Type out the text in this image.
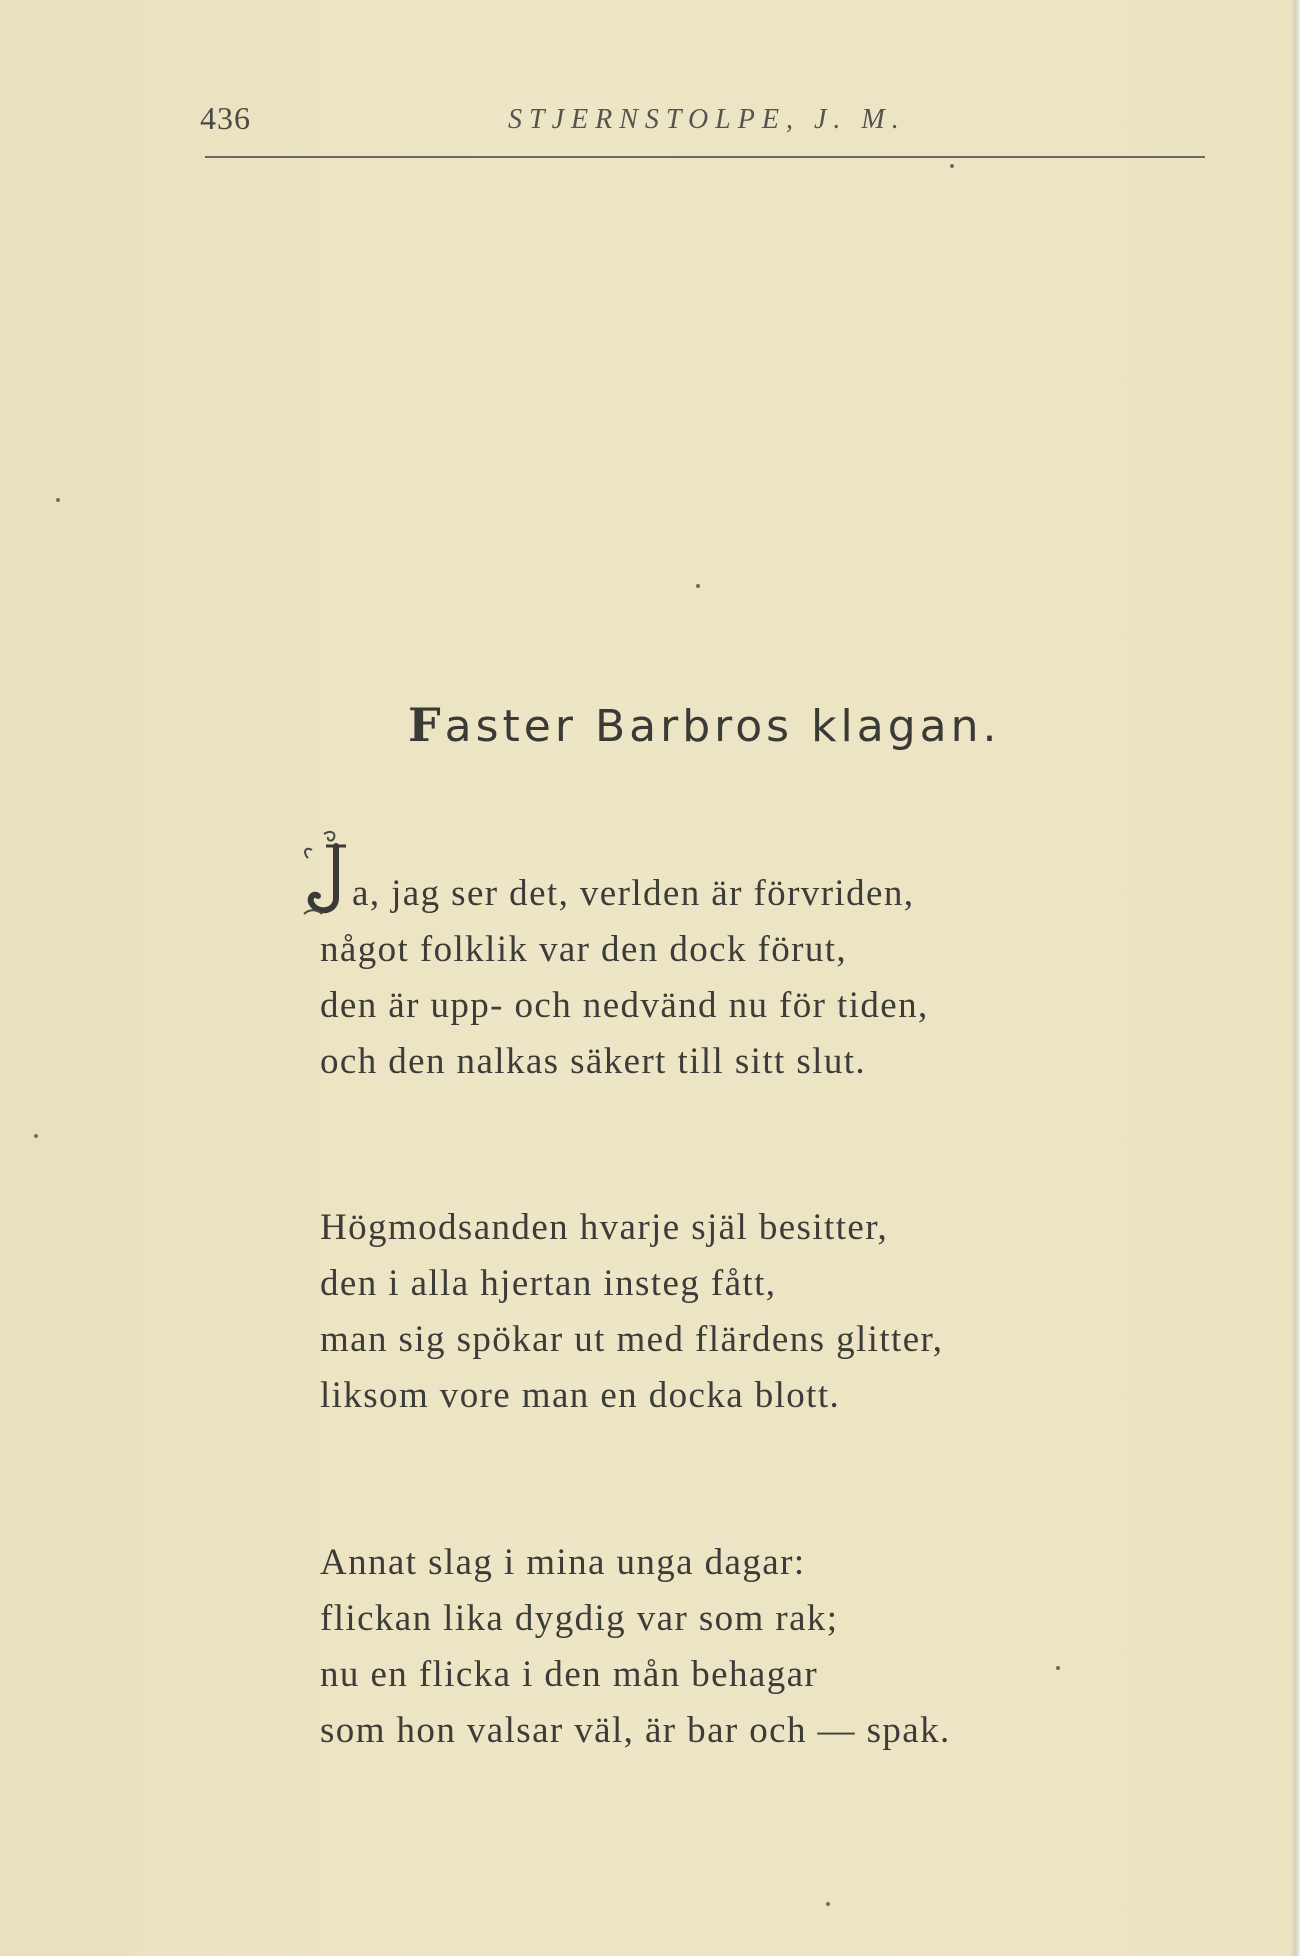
436	STJERNSTOLPE, J. M.
Faster Barbros klagan.
J a, jag ser det, verlden är förvriden,
något folklik var den dock förut,
den är upp- och nedvänd nu för tiden,
och den nalkas säkert till sitt slut.
Högmodsanden hvarje själ besitter,
den i alla hjertan insteg fått,
man sig spökar ut med flärdens glitter,
liksom vore man en docka blott.
Annat slag i mina unga dagar:
flickan lika dygdig var som rak;
nu en flicka i den mån behagar
som hon valsar väl, är bar och — spak.
